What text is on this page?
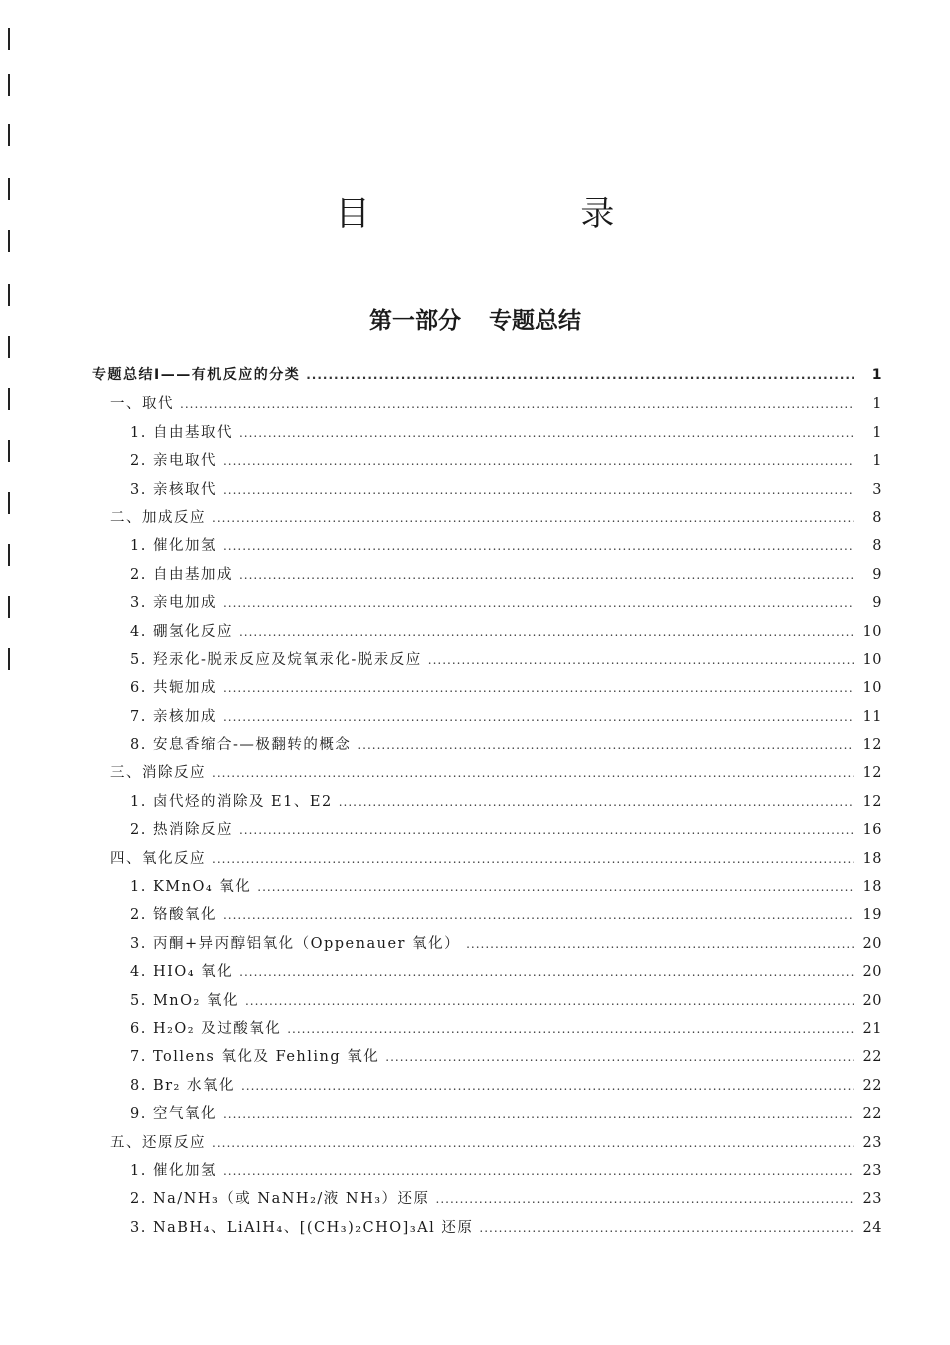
目 录
第一部分 专题总结
专题总结Ⅰ——有机反应的分类 .....	1
一、取代 .....	1
1. 自由基取代 .....	1
2. 亲电取代 .....	1
3. 亲核取代 .....	3
二、加成反应 .....	8
1. 催化加氢 .....	8
2. 自由基加成 .....	9
3. 亲电加成 .....	9
4. 硼氢化反应 .....	10
5. 羟汞化-脱汞反应及烷氧汞化-脱汞反应 .....	10
6. 共轭加成 .....	10
7. 亲核加成 .....	11
8. 安息香缩合-—极翻转的概念 .....	12
三、消除反应 .....	12
1. 卤代烃的消除及 E1、E2 .....	12
2. 热消除反应 .....	16
四、氧化反应 .....	18
1. KMnO₄ 氧化 .....	18
2. 铬酸氧化 .....	19
3. 丙酮+异丙醇铝氧化（Oppenauer 氧化） .....	20
4. HIO₄ 氧化 .....	20
5. MnO₂ 氧化 .....	20
6. H₂O₂ 及过酸氧化 .....	21
7. Tollens 氧化及 Fehling 氧化 .....	22
8. Br₂ 水氧化 .....	22
9. 空气氧化 .....	22
五、还原反应 .....	23
1. 催化加氢 .....	23
2. Na/NH₃（或 NaNH₂/液 NH₃）还原 .....	23
3. NaBH₄、LiAlH₄、[(CH₃)₂CHO]₃Al 还原 .....	24
